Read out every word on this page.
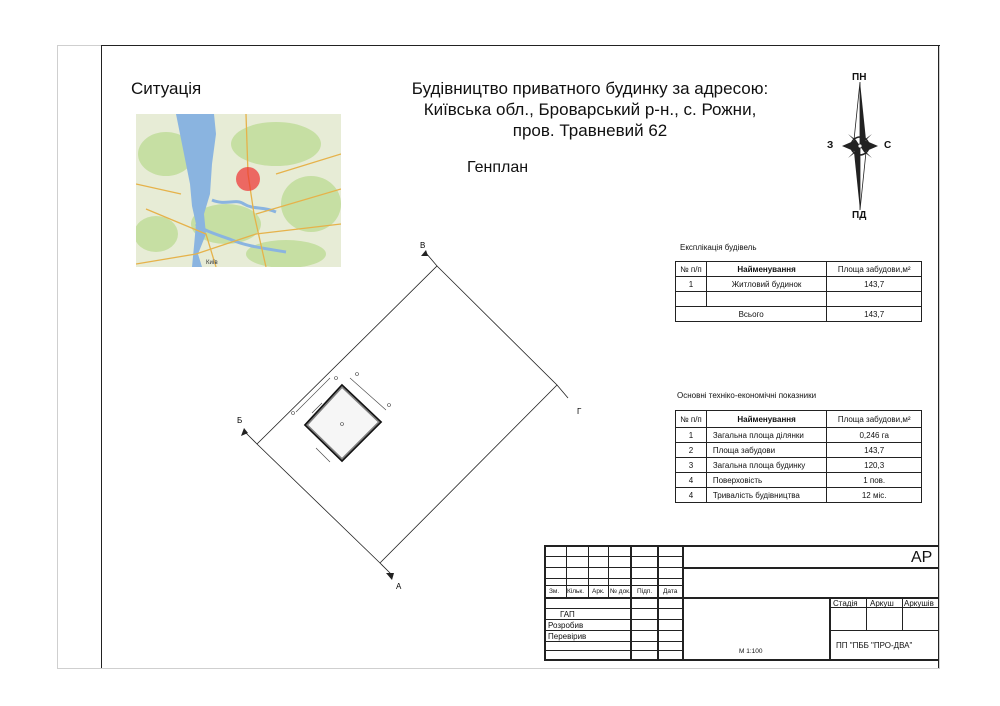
Ситуація	Будівництво приватного будинку за адресою:
Київська обл., Броварський р-н., с. Рожни,
пров. Травневий 62
Генплан
Київ
ПН
ПД
З	С
В
Б
Г
А
Експлікація будівель
№ п/п	Найменування	Площа забудови,м²
1	Житловий будинок	143,7

Всього		143,7
Основні техніко-економічні показники
№ п/п	Найменування	Площа забудови,м²
1	Загальна площа ділянки	0,246 га
2	Площа забудови	143,7
3	Загальна площа будинку	120,3
4	Поверховість	1 пов.
4	Тривалість будівництва	12 міс.
АР
Зм. Кільк. Арк. № док. Підп. Дата
ГАП
Розробив
Перевірив
Стадія Аркуш Аркушів
М 1:100
ПП "ПББ "ПРО-ДВА"
